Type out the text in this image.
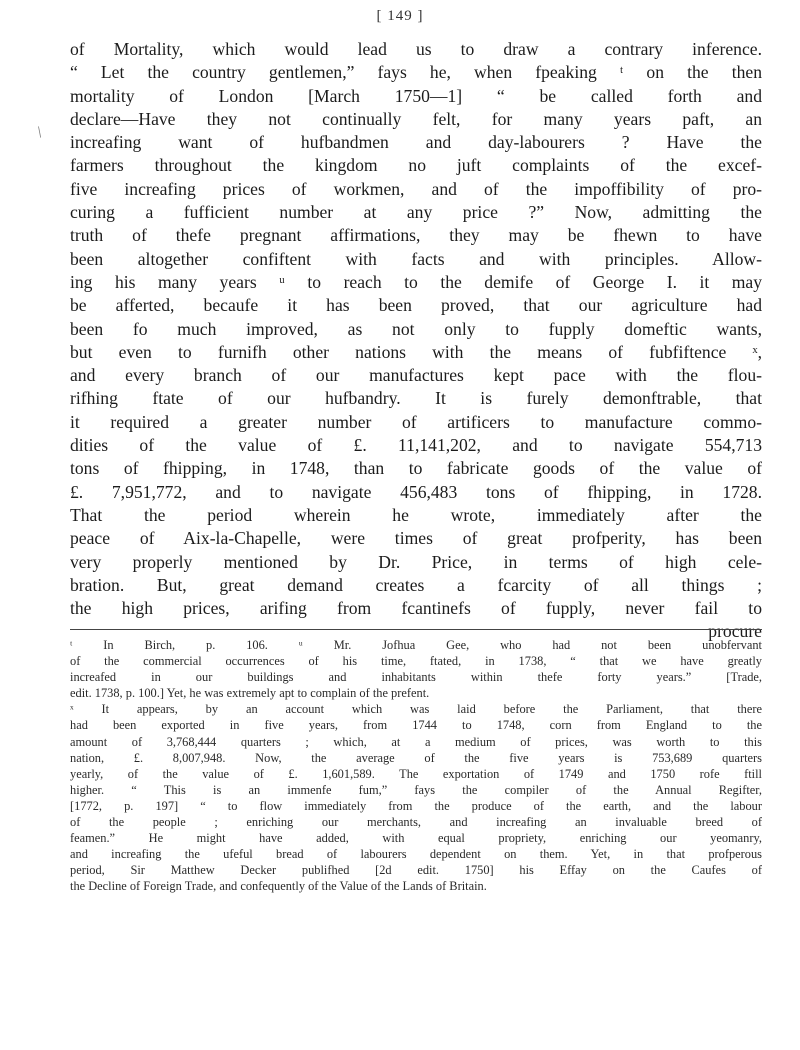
[ 149 ]
/
of Mortality, which would lead us to draw a contrary inference.
“ Let the country gentlemen,” fays he, when fpeaking ᵗ on the then
mortality of London [March 1750—1] “ be called forth and
declare—Have they not continually felt, for many years paft, an
increafing want of hufbandmen and day-labourers ? Have the
farmers throughout the kingdom no juft complaints of the excef-
five increafing prices of workmen, and of the impoffibility of pro-
curing a fufficient number at any price ?” Now, admitting the
truth of thefe pregnant affirmations, they may be fhewn to have
been altogether confiftent with facts and with principles. Allow-
ing his many years ᵘ to reach to the demife of George I. it may
be afferted, becaufe it has been proved, that our agriculture had
been fo much improved, as not only to fupply domeftic wants,
but even to furnifh other nations with the means of fubfiftence ˣ,
and every branch of our manufactures kept pace with the flou-
rifhing ftate of our hufbandry. It is furely demonftrable, that
it required a greater number of artificers to manufacture commo-
dities of the value of £. 11,141,202, and to navigate 554,713
tons of fhipping, in 1748, than to fabricate goods of the value of
£. 7,951,772, and to navigate 456,483 tons of fhipping, in 1728.
That the period wherein he wrote, immediately after the
peace of Aix-la-Chapelle, were times of great profperity, has been
very properly mentioned by Dr. Price, in terms of high cele-
bration. But, great demand creates a fcarcity of all things ;
the high prices, arifing from fcantinefs of fupply, never fail to
procure
ᵗ In Birch, p. 106. ᵘ Mr. Jofhua Gee, who had not been unobfervant
of the commercial occurrences of his time, ftated, in 1738, “ that we have greatly
increafed in our buildings and inhabitants within thefe forty years.” [Trade,
edit. 1738, p. 100.] Yet, he was extremely apt to complain of the prefent.
ˣ It appears, by an account which was laid before the Parliament, that there
had been exported in five years, from 1744 to 1748, corn from England to the
amount of 3,768,444 quarters ; which, at a medium of prices, was worth to this
nation, £. 8,007,948. Now, the average of the five years is 753,689 quarters
yearly, of the value of £. 1,601,589. The exportation of 1749 and 1750 rofe ftill
higher. “ This is an immenfe fum,” fays the compiler of the Annual Regifter,
[1772, p. 197] “ to flow immediately from the produce of the earth, and the labour
of the people ; enriching our merchants, and increafing an invaluable breed of
feamen.” He might have added, with equal propriety, enriching our yeomanry,
and increafing the ufeful bread of labourers dependent on them. Yet, in that profperous
period, Sir Matthew Decker publifhed [2d edit. 1750] his Effay on the Caufes of
the Decline of Foreign Trade, and confequently of the Value of the Lands of Britain.
